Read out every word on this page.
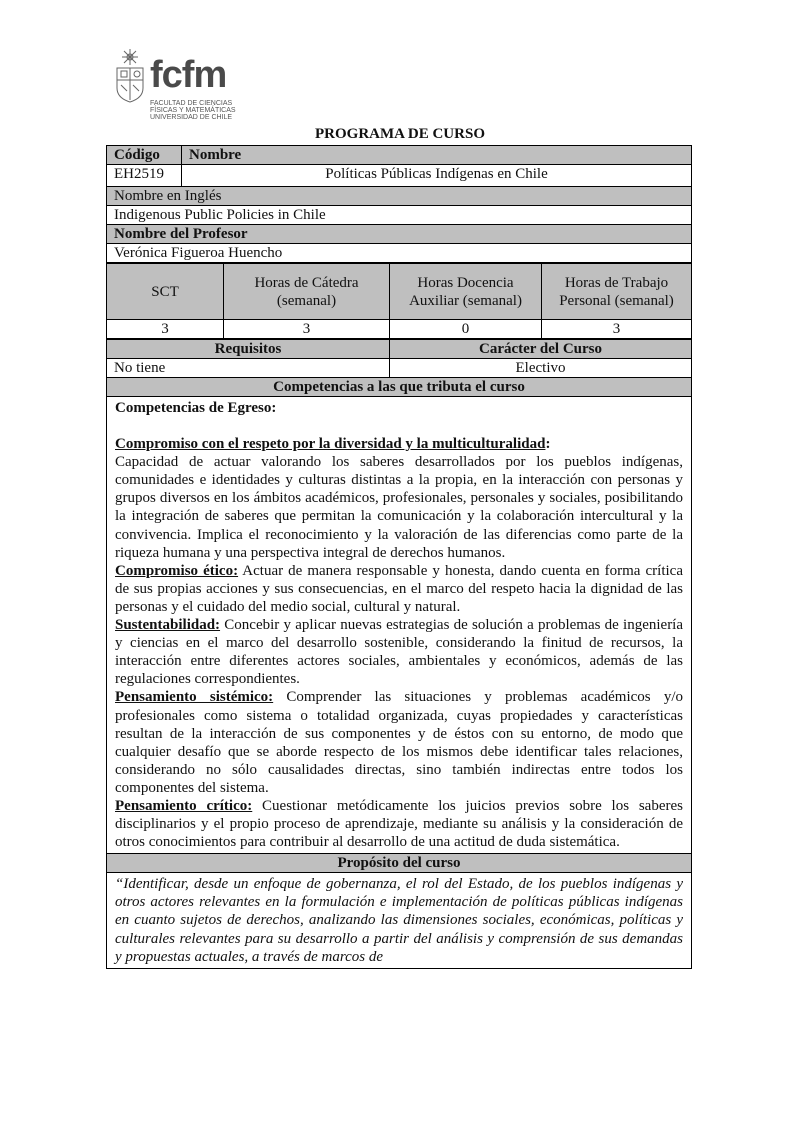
fcfm
FACULTAD DE CIENCIAS
FÍSICAS Y MATEMÁTICAS
UNIVERSIDAD DE CHILE
PROGRAMA DE CURSO
Código	Nombre
EH2519	Políticas Públicas Indígenas en Chile
Nombre en Inglés	
Indigenous Public Policies in Chile	
Nombre del Profesor	
Verónica Figueroa Huencho	
SCT	Horas de Cátedra (semanal)	Horas Docencia Auxiliar (semanal)	Horas de Trabajo Personal (semanal)
3	3	0	3
Requisitos	Carácter del Curso
No tiene	Electivo
Competencias a las que tributa el curso	
Competencias de Egreso:
Compromiso con el respeto por la diversidad y la multiculturalidad:
Capacidad de actuar valorando los saberes desarrollados por los pueblos indígenas, comunidades e identidades y culturas distintas a la propia, en la interacción con personas y grupos diversos en los ámbitos académicos, profesionales, personales y sociales, posibilitando la integración de saberes que permitan la comunicación y la colaboración intercultural y la convivencia. Implica el reconocimiento y la valoración de las diferencias como parte de la riqueza humana y una perspectiva integral de derechos humanos.
Compromiso ético: Actuar de manera responsable y honesta, dando cuenta en forma crítica de sus propias acciones y sus consecuencias, en el marco del respeto hacia la dignidad de las personas y el cuidado del medio social, cultural y natural.
Sustentabilidad: Concebir y aplicar nuevas estrategias de solución a problemas de ingeniería y ciencias en el marco del desarrollo sostenible, considerando la finitud de recursos, la interacción entre diferentes actores sociales, ambientales y económicos, además de las regulaciones correspondientes.
Pensamiento sistémico: Comprender las situaciones y problemas académicos y/o profesionales como sistema o totalidad organizada, cuyas propiedades y características resultan de la interacción de sus componentes y de éstos con su entorno, de modo que cualquier desafío que se aborde respecto de los mismos debe identificar tales relaciones, considerando no sólo causalidades directas, sino también indirectas entre todos los componentes del sistema.
Pensamiento crítico: Cuestionar metódicamente los juicios previos sobre los saberes disciplinarios y el propio proceso de aprendizaje, mediante su análisis y la consideración de otros conocimientos para contribuir al desarrollo de una actitud de duda sistemática.
Propósito del curso
“Identificar, desde un enfoque de gobernanza, el rol del Estado, de los pueblos indígenas y otros actores relevantes en la formulación e implementación de políticas públicas indígenas en cuanto sujetos de derechos, analizando las dimensiones sociales, económicas, políticas y culturales relevantes para su desarrollo a partir del análisis y comprensión de sus demandas y propuestas actuales, a través de marcos de
